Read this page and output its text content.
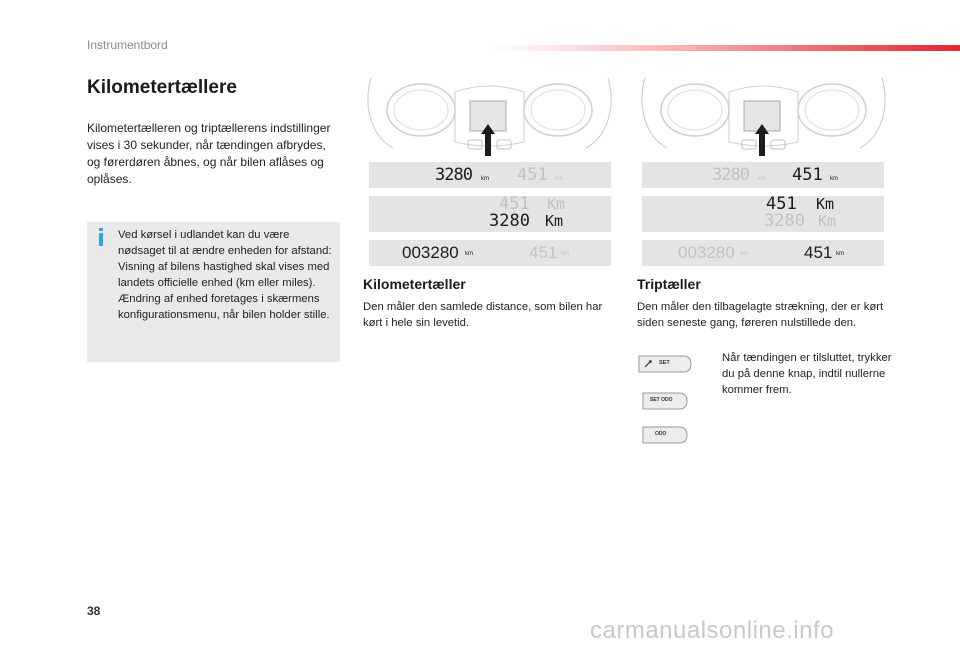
Instrumentbord
Kilometertællere
Kilometertælleren og triptællerens indstillinger vises i 30 sekunder, når tændingen afbrydes, og førerdøren åbnes, og når bilen aflåses og oplåses.
Ved kørsel i udlandet kan du være nødsaget til at ændre enheden for afstand: Visning af bilens hastighed skal vises med landets officielle enhed (km eller miles). Ændring af enhed foretages i skærmens konfigurationsmenu, når bilen holder stille.
3280 km 451 km
451 Km
3280 Km
003280 km	451 km
Kilometertæller
Den måler den samlede distance, som bilen har kørt i hele sin levetid.
3280 km 451 km
451 Km
3280 Km
003280 km	451 km
Triptæller
Den måler den tilbagelagte strækning, der er kørt siden seneste gang, føreren nulstillede den.
Når tændingen er tilsluttet, trykker du på denne knap, indtil nullerne kommer frem.
SET
SET ODO
ODO
38
carmanualsonline.info
